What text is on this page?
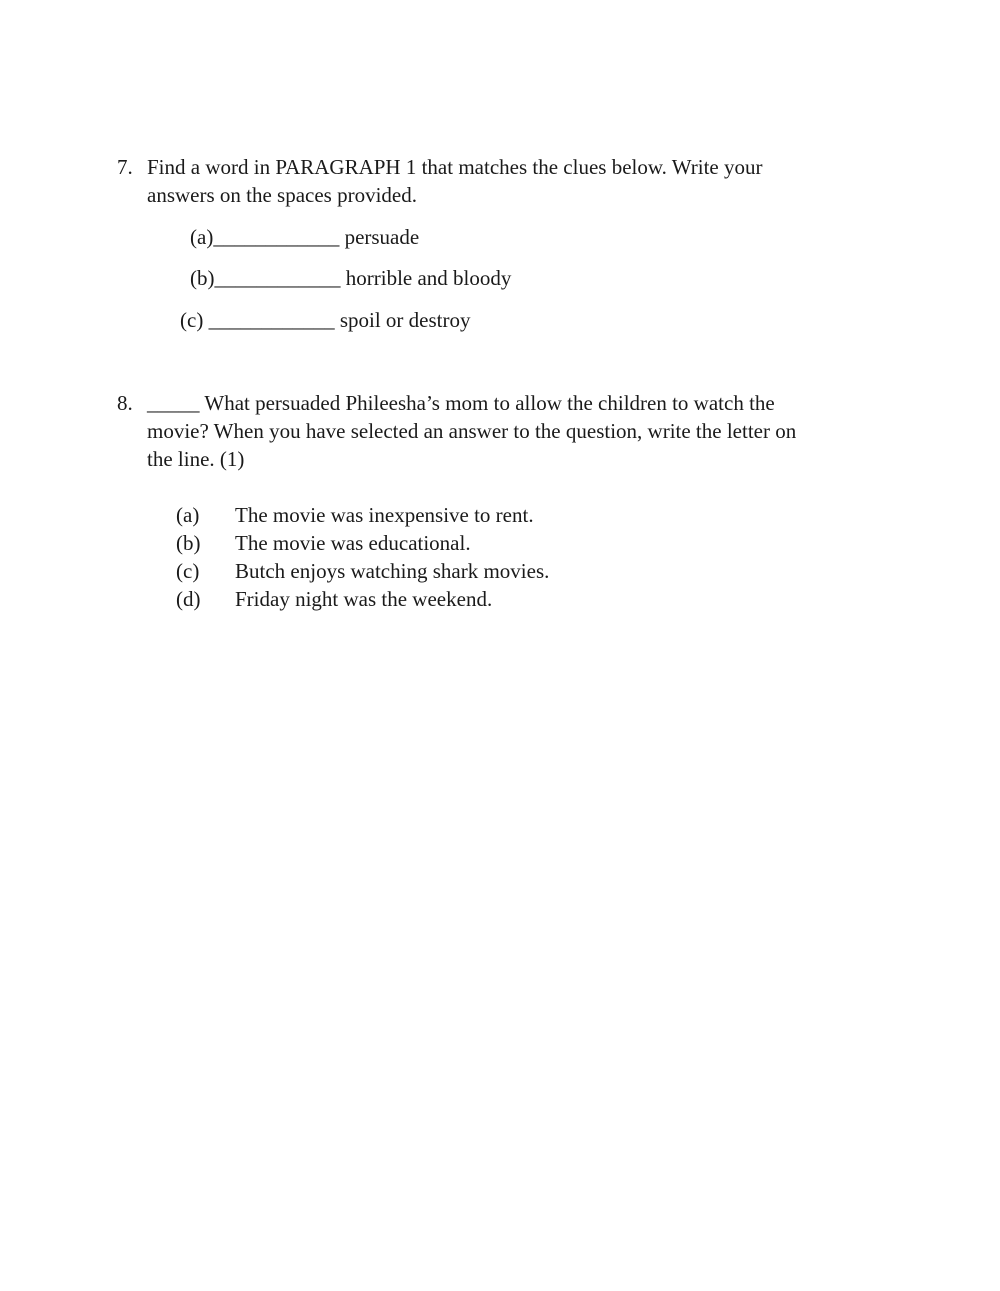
7. Find a word in PARAGRAPH 1 that matches the clues below. Write your
answers on the spaces provided.
(a)____________ persuade
(b)____________ horrible and bloody
(c) ____________ spoil or destroy
8. _____ What persuaded Phileesha’s mom to allow the children to watch the
movie? When you have selected an answer to the question, write the letter on
the line. (1)
(a) The movie was inexpensive to rent.
(b) The movie was educational.
(c) Butch enjoys watching shark movies.
(d) Friday night was the weekend.
